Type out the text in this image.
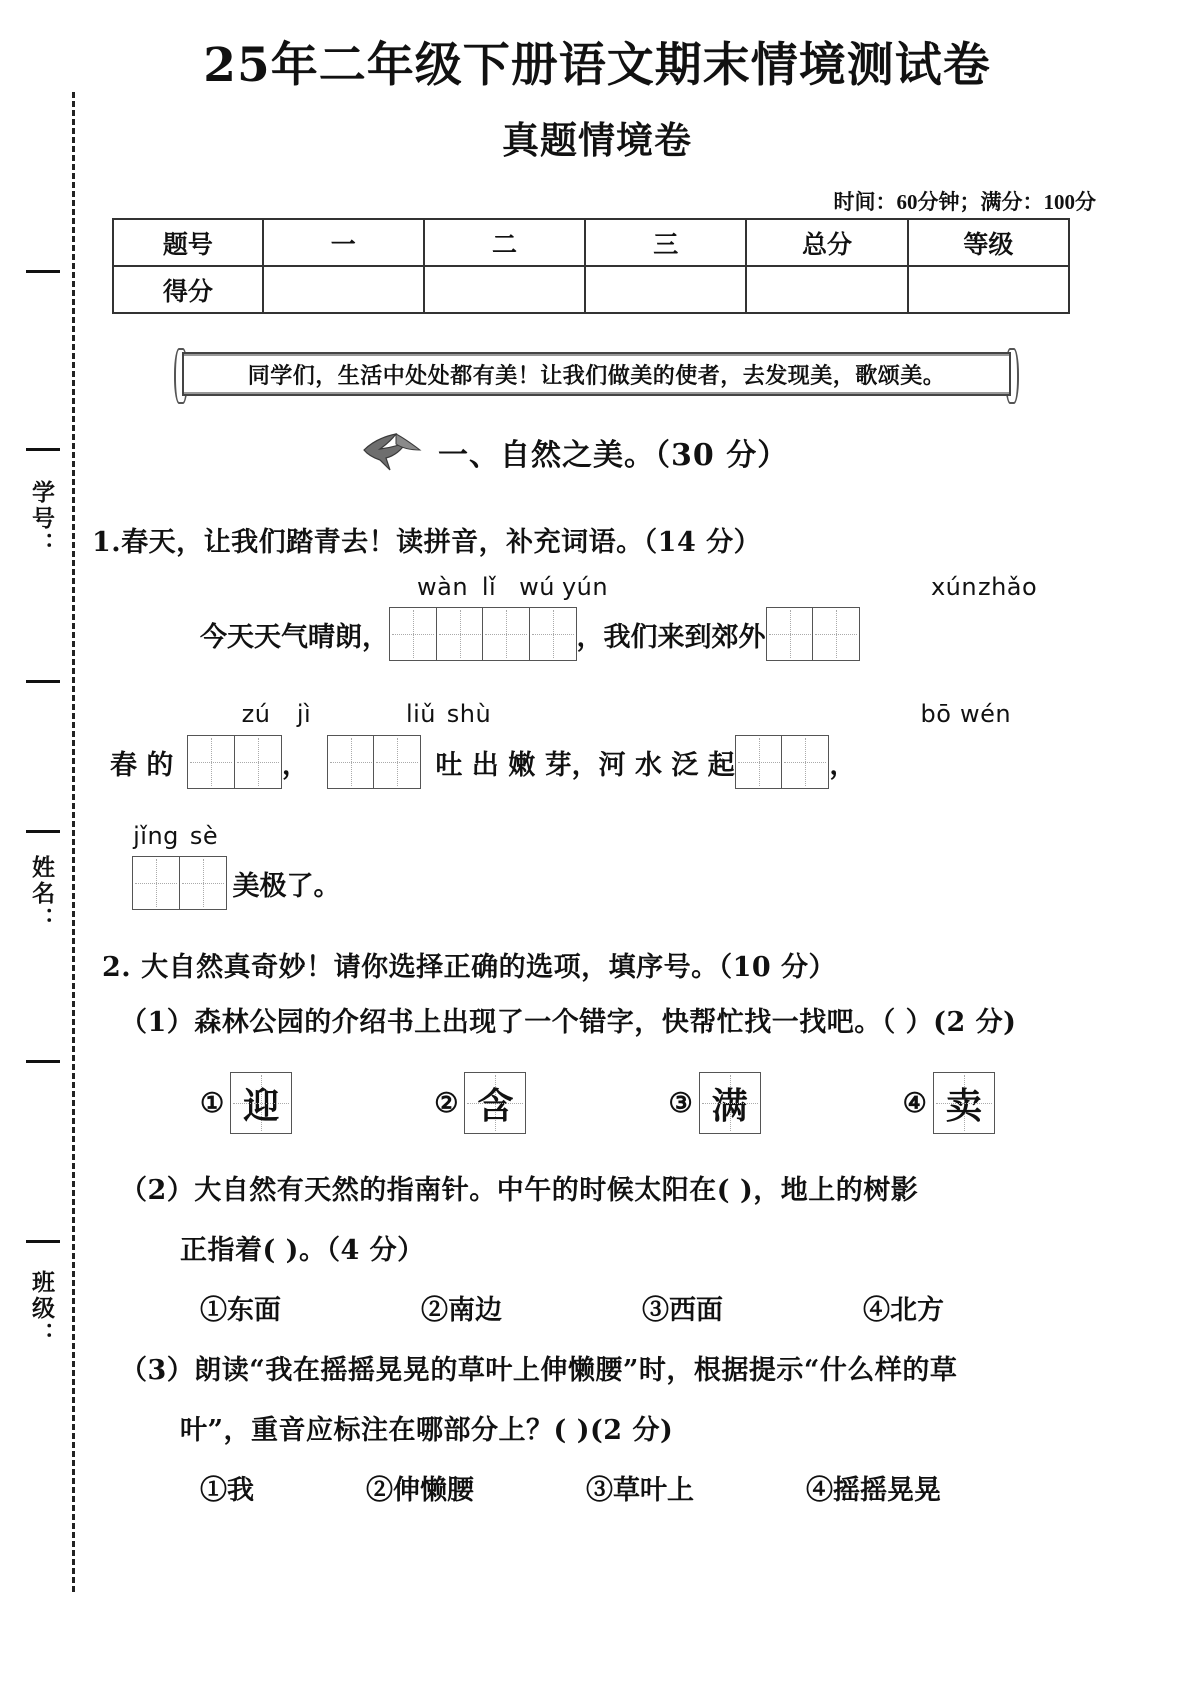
学号：
姓名：
班级：
25年二年级下册语文期末情境测试卷
真题情境卷
时间：60分钟；满分：100分
题号	一	二	三	总分	等级
得分					
同学们，生活中处处都有美！让我们做美的使者，去发现美，歌颂美。
一、自然之美。（30 分）
1.春天，让我们踏青去！读拼音，补充词语。（14 分）
wàn lǐ wú yún	xún zhǎo
今天天气晴朗，	，我们来到郊外
zú	jì	liǔ shù	bō wén
春 的	，	吐 出 嫩 芽，河 水 泛 起	，
jǐng sè
美极了。
2. 大自然真奇妙！请你选择正确的选项，填序号。（10 分）
（1）森林公园的介绍书上出现了一个错字，快帮忙找一找吧。（ ）(2 分)
① 迎	② 含	③ 满	④ 卖
（2）大自然有天然的指南针。中午的时候太阳在( )，地上的树影
正指着( )。（4 分）
①东面	②南边	③西面	④北方
（3）朗读“我在摇摇晃晃的草叶上伸懒腰”时，根据提示“什么样的草
叶”，重音应标注在哪部分上？( )(2 分)
①我	②伸懒腰	③草叶上	④摇摇晃晃
